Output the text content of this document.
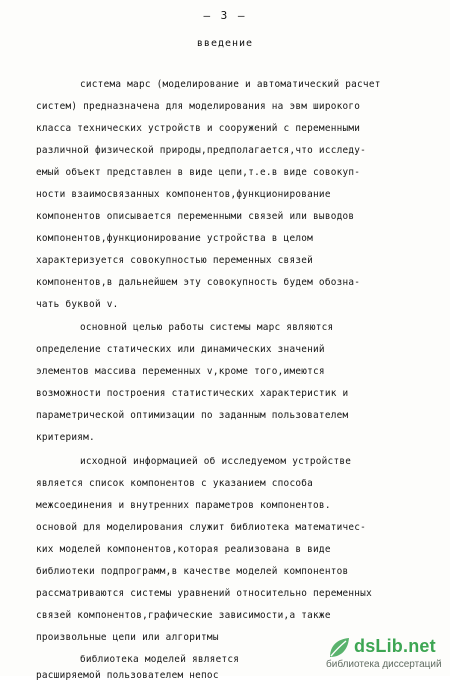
– 3 –
введение
система марс (моделирование и автоматический расчет
систем) предназначена для моделирования на эвм широкого
класса технических устройств и сооружений с переменными
различной физической природы,предполагается,что исследу-
емый объект представлен в виде цепи,т.е.в виде совокуп-
ности взаимосвязанных компонентов,функционирование
компонентов описывается переменными связей или выводов
компонентов,функционирование устройства в целом
характеризуется совокупностью переменных связей
компонентов,в дальнейшем эту совокупность будем обозна-
чать буквой v.
основной целью работы системы марс являются
определение статических или динамических значений
элементов массива переменных v,кроме того,имеются
возможности построения статистических характеристик и
параметрической оптимизации по заданным пользователем
критериям.
исходной информацией об исследуемом устройстве
является список компонентов с указанием способа
межсоединения и внутренних параметров компонентов.
основой для моделирования служит библиотека математичес-
ких моделей компонентов,которая реализована в виде
библиотеки подпрограмм,в качестве моделей компонентов
рассматриваются системы уравнений относительно переменных
связей компонентов,графические зависимости,а также
произвольные цепи или алгоритмы
библиотека моделей является
расширяемой пользователем непос
dsLib.net
библиотека диссертаций
